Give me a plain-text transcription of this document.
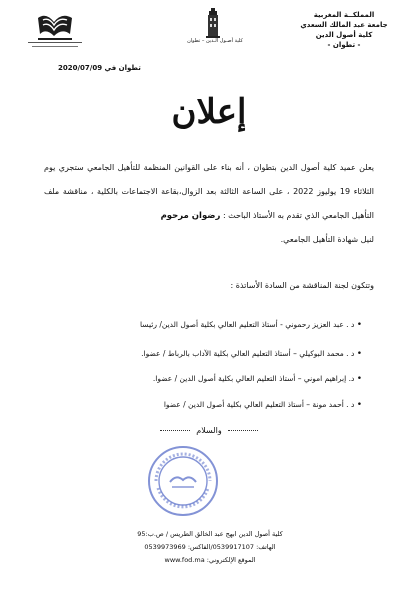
المملكــة المغربية
جامعة عبد المالك السعدي
كلية أصول الدين
- تطوان -
كلية أصـول الـدين – تطوان
تطوان في 2020/07/09
إعلان
يعلن عميد كلية أصول الدين بتطوان ، أنه بناء على القوانين المنظمة للتأهيل الجامعي ستجري يوم الثلاثاء 19 يوليوز 2022 ، على الساعة الثالثة بعد الزوال،بقاعة الاجتماعات بالكلية ، مناقشة ملف التأهيل الجامعي الذي تقدم به الأستاذ الباحث : رضوان مرحوم
لنيل شهادة التأهيل الجامعي.
وتتكون لجنة المناقشة من السادة الأساتذة :
• د . عبد العزيز رحموني - أستاذ التعليم العالي بكلية أصول الدين/ رئيسا
• د . محمد البوكيلي – أستاذ التعليم العالي بكلية الآداب بالرباط / عضوا.
• د. إبراهيم اموني – أستاذ التعليم العالي بكلية أصول الدين / عضوا.
• د . أحمد مونة – أستاذ التعليم العالي بكلية أصول الدين / عضوا
والسلام
كلية أصول الدين ابهج عبد الخالق الطريس / ص.ب:95
الهاتف: 0539917107/الفاكس: 0539973969
الموقع الإلكتروني: www.fod.ma
